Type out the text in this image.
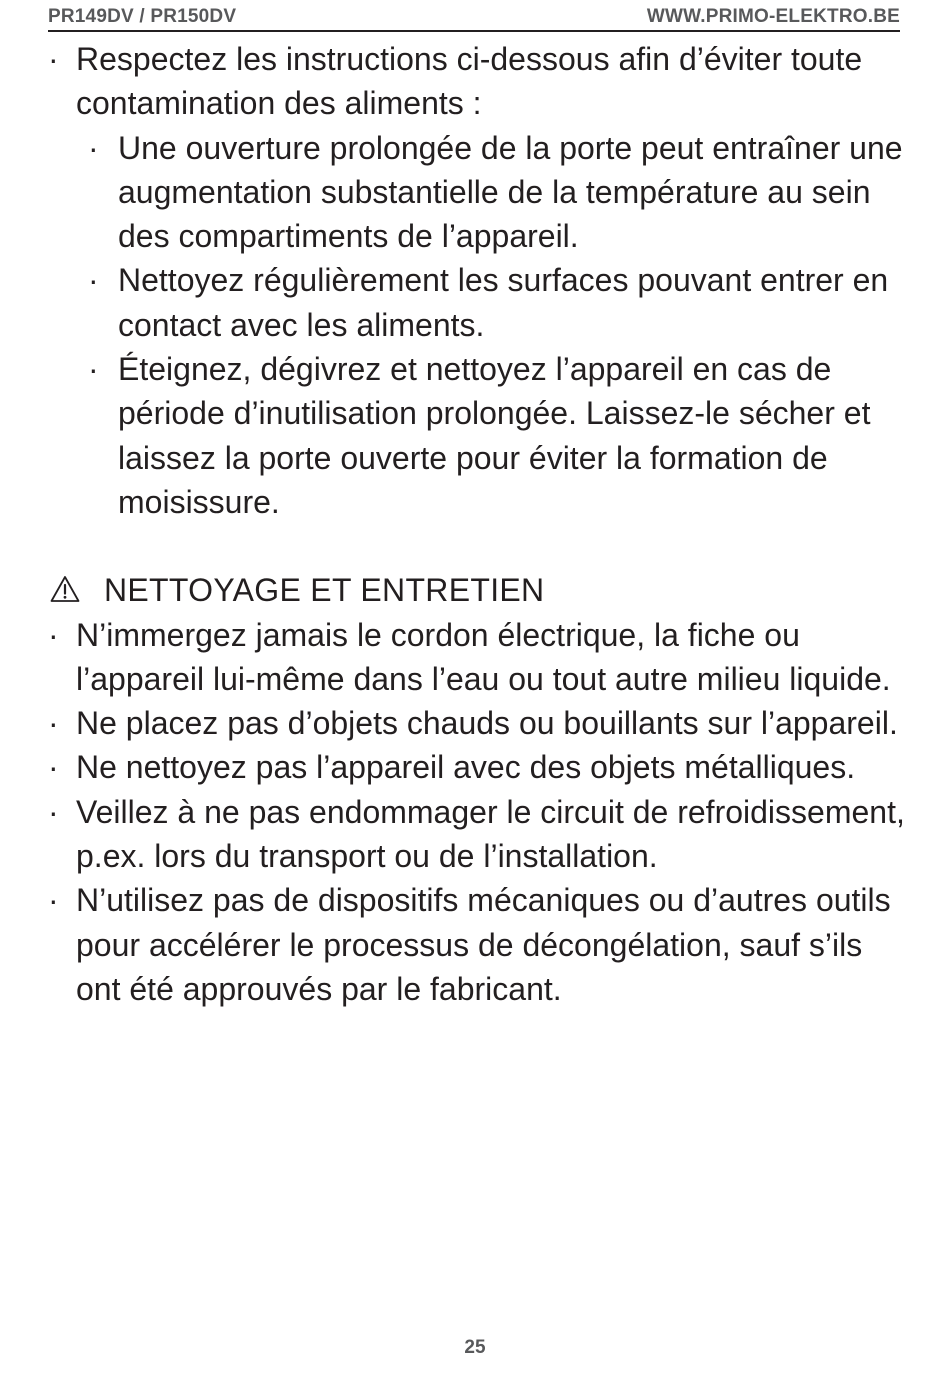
PR149DV / PR150DV	WWW.PRIMO-ELEKTRO.BE
· Respectez les instructions ci-dessous afin d’éviter toute contamination des aliments :
· Une ouverture prolongée de la porte peut entraîner une augmentation substantielle de la température au sein des compartiments de l’appareil.
· Nettoyez régulièrement les surfaces pouvant entrer en contact avec les aliments.
· Éteignez, dégivrez et nettoyez l’appareil en cas de période d’inutilisation prolongée. Laissez-le sécher et laissez la porte ouverte pour éviter la formation de moisissure.
NETTOYAGE ET ENTRETIEN
· N’immergez jamais le cordon électrique, la fiche ou l’appareil lui-même dans l’eau ou tout autre milieu liquide.
· Ne placez pas d’objets chauds ou bouillants sur l’appareil.
· Ne nettoyez pas l’appareil avec des objets métalliques.
· Veillez à ne pas endommager le circuit de refroidissement, p.ex. lors du transport ou de l’installation.
· N’utilisez pas de dispositifs mécaniques ou d’autres outils pour accélérer le processus de décongélation, sauf s’ils ont été approuvés par le fabricant.
25
